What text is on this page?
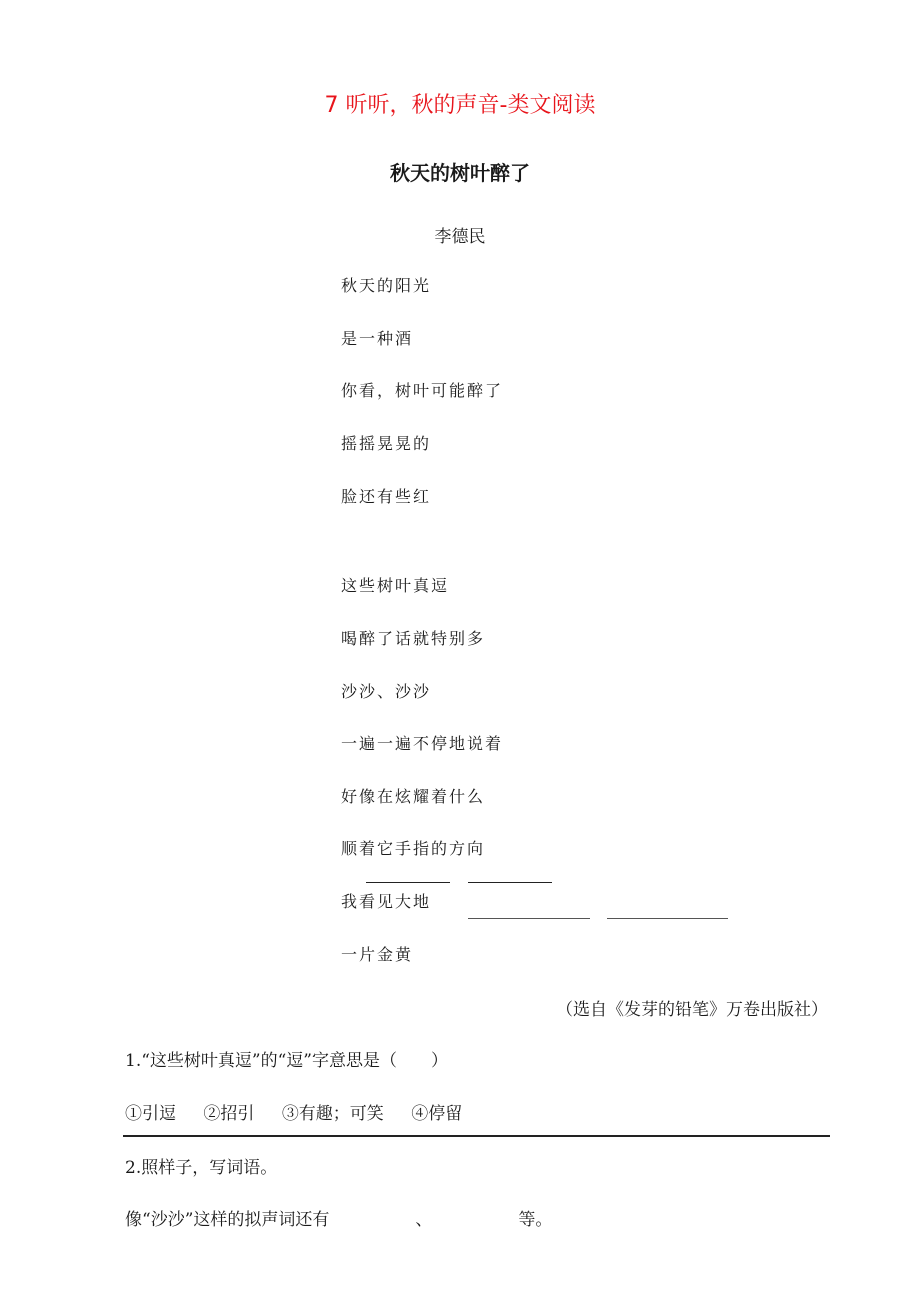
7 听听，秋的声音-类文阅读
秋天的树叶醉了
李德民
秋天的阳光
是一种酒
你看，树叶可能醉了
摇摇晃晃的
脸还有些红
这些树叶真逗
喝醉了话就特别多
沙沙、沙沙
一遍一遍不停地说着
好像在炫耀着什么
顺着它手指的方向
我看见大地
一片金黄
（选自《发芽的铅笔》万卷出版社）
1.“这些树叶真逗”的“逗”字意思是（　　）
①引逗 ②招引 ③有趣；可笑 ④停留
2.照样子，写词语。
像“沙沙”这样的拟声词还有	、	等。
